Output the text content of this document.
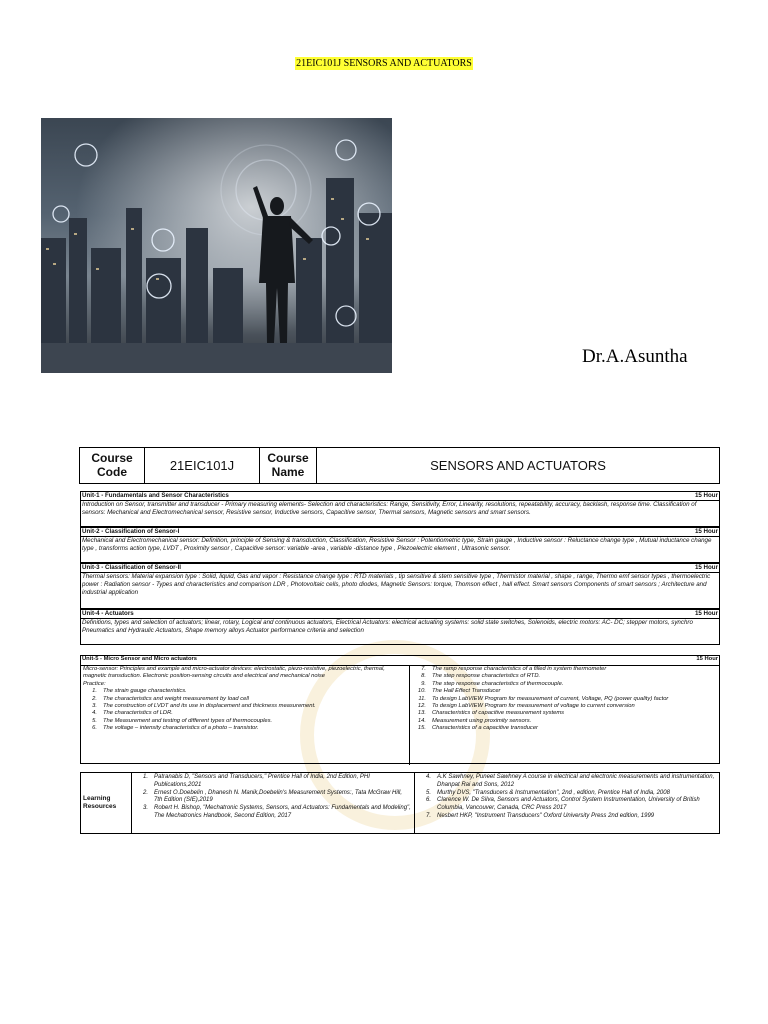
21EIC101J SENSORS AND ACTUATORS
Dr.A.Asuntha
Course Code	21EIC101J
Course Name	SENSORS AND ACTUATORS
Unit-1 - Fundamentals and Sensor Characteristics	15 Hour
Introduction on Sensor, transmitter and transducer - Primary measuring elements- Selection and characteristics: Range, Sensitivity, Error, Linearity, resolutions, repeatability, accuracy, backlash, response time. Classification of sensors: Mechanical and Electromechanical sensor, Resistive sensor, Inductive sensors, Capacitive sensor, Thermal sensors, Magnetic sensors and smart sensors.
Unit-2 - Classification of Sensor-I	15 Hour
Mechanical and Electromechanical sensor: Definition, principle of Sensing & transduction, Classification, Resistive Sensor : Potentiometric type, Strain gauge , Inductive sensor : Reluctance change type , Mutual inductance change type , transforms action type, LVDT , Proximity sensor , Capacitive sensor: variable -area , variable -distance type , Piezoelectric element , Ultrasonic sensor.
Unit-3 - Classification of Sensor-II	15 Hour
Thermal sensors: Material expansion type : Solid, liquid, Gas and vapor : Resistance change type : RTD materials , tip sensitive & stem sensitive type , Thermistor material , shape , range, Thermo emf sensor types , thermoelectric power : Radiation sensor - Types and characteristics and comparison LDR , Photovoltaic cells, photo diodes, Magnetic Sensors: torque, Thomson effect , hall effect. Smart sensors Components of smart sensors ; Architecture and industrial application
Unit-4 - Actuators	15 Hour
Definitions, types and selection of actuators; linear, rotary, Logical and continuous actuators, Electrical Actuators: electrical actuating systems: solid state switches, Solenoids, electric motors: AC- DC; stepper motors, synchro Pneumatics and Hydraulic Actuators, Shape memory alloys Actuator performance criteria and selection
Unit-5 - Micro Sensor and Micro actuators	15 Hour
Micro-sensor: Principles and example and micro-actuator devices: electrostatic, piezo-resistive, piezoelectric, thermal, magnetic transduction. Electronic position-sensing circuits and electrical and mechanical noise
Practice:
1.	The strain gauge characteristics.
2.	The characteristics and weight measurement by load cell
3.	The construction of LVDT and its use in displacement and thickness measurement.
4.	The characteristics of LDR.
5.	The Measurement and testing of different types of thermocouples.
6.	The voltage – intensity characteristics of a photo – transistor.
7.	The ramp response characteristics of a filled in system thermometer
8.	The step response characteristics of RTD.
9.	The step response characteristics of thermocouple.
10.	The Hall Effect Transducer
11.	To design LabVIEW Program for measurement of current, Voltage, PQ (power quality) factor
12.	To design LabVIEW Program for measurement of voltage to current conversion
13.	Characteristics of capacitive measurement systems
14.	Measurement using proximity sensors.
15.	Characteristics of a capacitive transducer
Learning Resources
1.	Patranabis D, "Sensors and Transducers," Prentice Hall of India, 2nd Edition, PHI Publications,2021
2.	Ernest O.Doebelin , Dhanesh N. Manik,Doebelin's Measurement Systems:, Tata McGraw Hill, 7th Edition (SIE),2019
3.	Robert H. Bishop, "Mechatronic Systems, Sensors, and Actuators: Fundamentals and Modeling", The Mechatronics Handbook, Second Edition, 2017
4.	A.K Sawhney, Puneet Sawhney A course in electrical and electronic measurements and instrumentation, Dhanpat Rai and Sons, 2012
5.	Murthy DVS, "Transducers & Instrumentation", 2nd , edition, Prentice Hall of India, 2008
6.	Clarence W. De Silva, Sensors and Actuators, Control System Instrumentation, University of British Columbia, Vancouver, Canada, CRC Press 2017
7.	Nesbert HKP, "Instrument Transducers" Oxford University Press 2nd edition, 1999
